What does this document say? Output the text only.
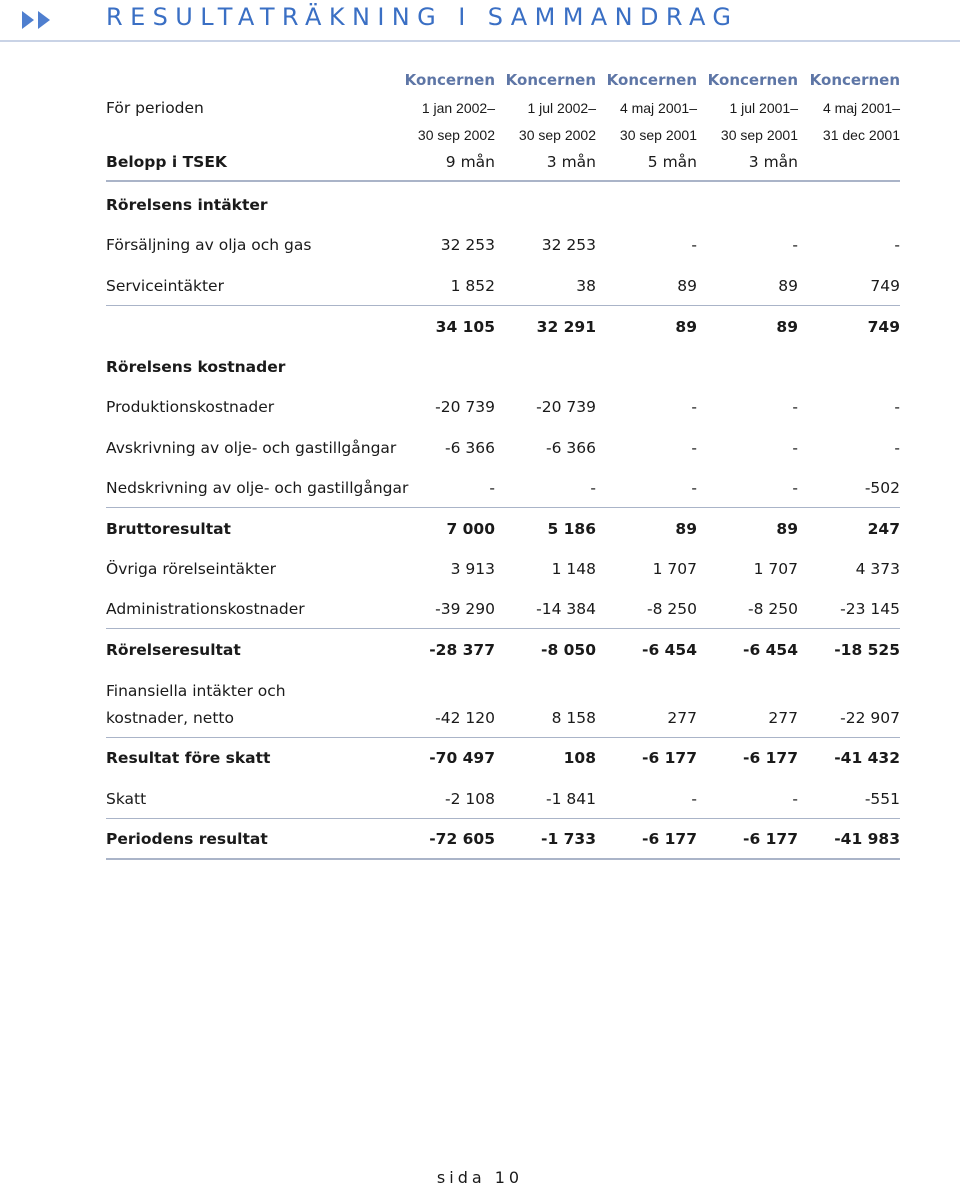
RESULTATRÄKNING I SAMMANDRAG
Koncernen Koncernen Koncernen Koncernen Koncernen
För perioden	1 jan 2002–	1 jul 2002–	4 maj 2001–	1 jul 2001–	4 maj 2001–
30 sep 2002	30 sep 2002	30 sep 2001	30 sep 2001	31 dec 2001
Belopp i TSEK	9 mån	3 mån	5 mån	3 mån
Rörelsens intäkter
Försäljning av olja och gas	32 253	32 253	-	-	-
Serviceintäkter	1 852	38	89	89	749
34 105	32 291	89	89	749
Rörelsens kostnader
Produktionskostnader	-20 739	-20 739	-	-	-
Avskrivning av olje- och gastillgångar	-6 366	-6 366	-	-	-
Nedskrivning av olje- och gastillgångar	-	-	-	-	-502
Bruttoresultat	7 000	5 186	89	89	247
Övriga rörelseintäkter	3 913	1 148	1 707	1 707	4 373
Administrationskostnader	-39 290	-14 384	-8 250	-8 250	-23 145
Rörelseresultat	-28 377	-8 050	-6 454	-6 454	-18 525
Finansiella intäkter och
kostnader, netto	-42 120	8 158	277	277	-22 907
Resultat före skatt	-70 497	108	-6 177	-6 177	-41 432
Skatt	-2 108	-1 841	-	-	-551
Periodens resultat	-72 605	-1 733	-6 177	-6 177	-41 983
sida 10
